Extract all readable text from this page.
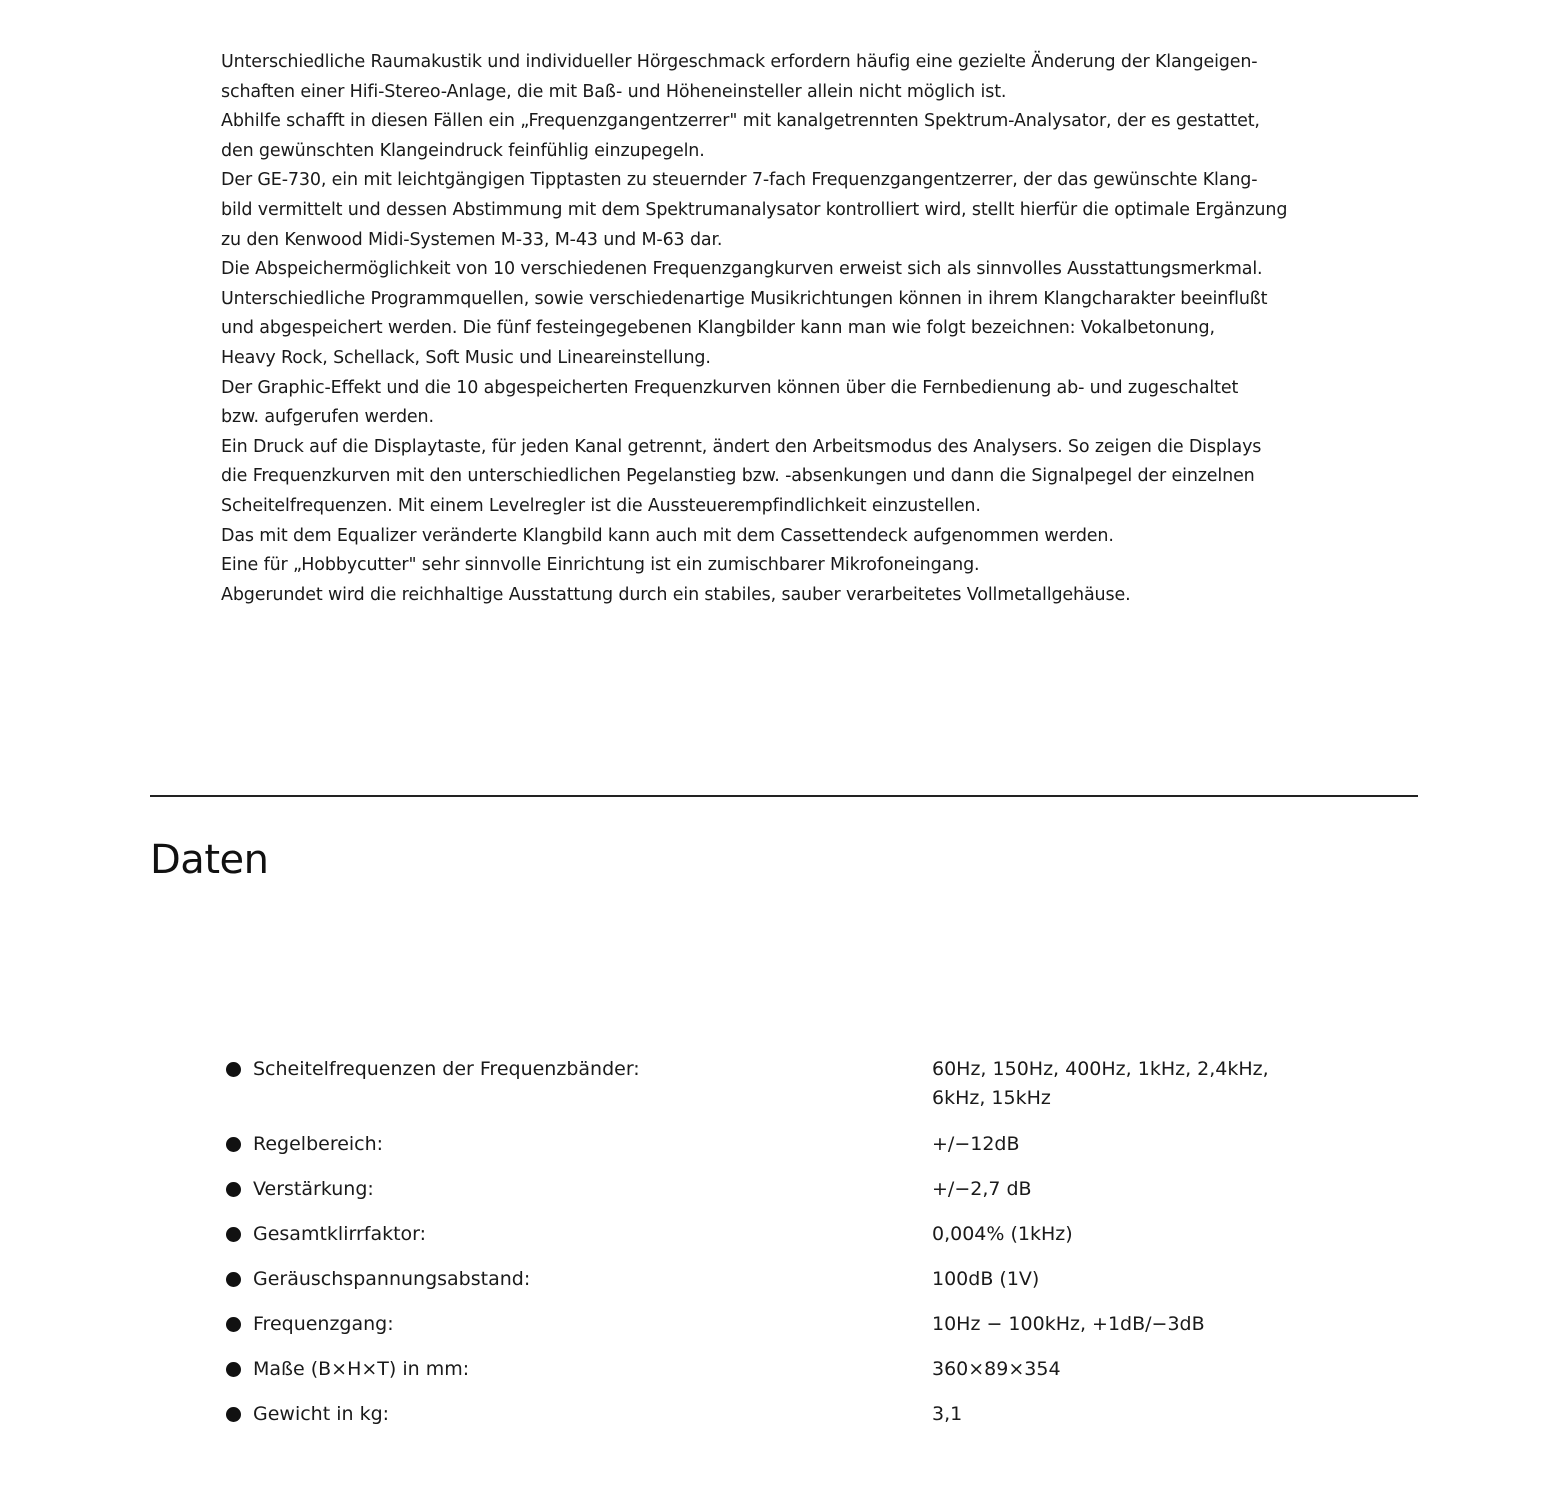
Unterschiedliche Raumakustik und individueller Hörgeschmack erfordern häufig eine gezielte Änderung der Klangeigen-
schaften einer Hifi-Stereo-Anlage, die mit Baß- und Höheneinsteller allein nicht möglich ist.
Abhilfe schafft in diesen Fällen ein „Frequenzgangentzerrer" mit kanalgetrennten Spektrum-Analysator, der es gestattet,
den gewünschten Klangeindruck feinfühlig einzupegeln.
Der GE-730, ein mit leichtgängigen Tipptasten zu steuernder 7-fach Frequenzgangentzerrer, der das gewünschte Klang-
bild vermittelt und dessen Abstimmung mit dem Spektrumanalysator kontrolliert wird, stellt hierfür die optimale Ergänzung
zu den Kenwood Midi-Systemen M-33, M-43 und M-63 dar.
Die Abspeichermöglichkeit von 10 verschiedenen Frequenzgangkurven erweist sich als sinnvolles Ausstattungsmerkmal.
Unterschiedliche Programmquellen, sowie verschiedenartige Musikrichtungen können in ihrem Klangcharakter beeinflußt
und abgespeichert werden. Die fünf festeingegebenen Klangbilder kann man wie folgt bezeichnen: Vokalbetonung,
Heavy Rock, Schellack, Soft Music und Lineareinstellung.
Der Graphic-Effekt und die 10 abgespeicherten Frequenzkurven können über die Fernbedienung ab- und zugeschaltet
bzw. aufgerufen werden.
Ein Druck auf die Displaytaste, für jeden Kanal getrennt, ändert den Arbeitsmodus des Analysers. So zeigen die Displays
die Frequenzkurven mit den unterschiedlichen Pegelanstieg bzw. -absenkungen und dann die Signalpegel der einzelnen
Scheitelfrequenzen. Mit einem Levelregler ist die Aussteuerempfindlichkeit einzustellen.
Das mit dem Equalizer veränderte Klangbild kann auch mit dem Cassettendeck aufgenommen werden.
Eine für „Hobbycutter" sehr sinnvolle Einrichtung ist ein zumischbarer Mikrofoneingang.
Abgerundet wird die reichhaltige Ausstattung durch ein stabiles, sauber verarbeitetes Vollmetallgehäuse.
Daten
Scheitelfrequenzen der Frequenzbänder:	60Hz, 150Hz, 400Hz, 1kHz, 2,4kHz,
6kHz, 15kHz
Regelbereich:	+/−12dB
Verstärkung:	+/−2,7 dB
Gesamtklirrfaktor:	0,004% (1kHz)
Geräuschspannungsabstand:	100dB (1V)
Frequenzgang:	10Hz − 100kHz, +1dB/−3dB
Maße (B×H×T) in mm:	360×89×354
Gewicht in kg:	3,1
